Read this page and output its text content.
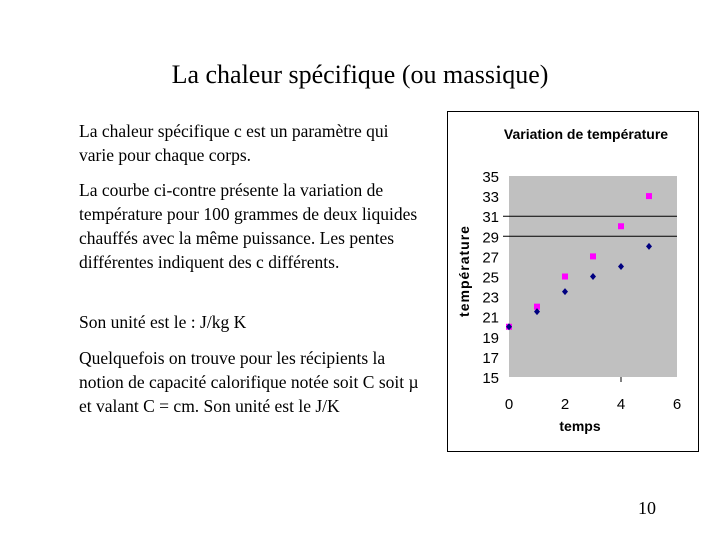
La chaleur spécifique (ou massique)
La chaleur spécifique c est un paramètre qui varie pour chaque corps.
La courbe ci-contre présente la variation de température pour 100 grammes de deux liquides chauffés avec la même puissance. Les pentes différentes indiquent des c différents.
Son unité est le : J/kg K
Quelquefois on trouve pour les récipients la notion de capacité calorifique notée soit C soit µ et valant C = cm. Son unité est le J/K
10
Variation de température
15
17
19
21
23
25
27
29
31
33
35
0	2	4	6
température
temps
